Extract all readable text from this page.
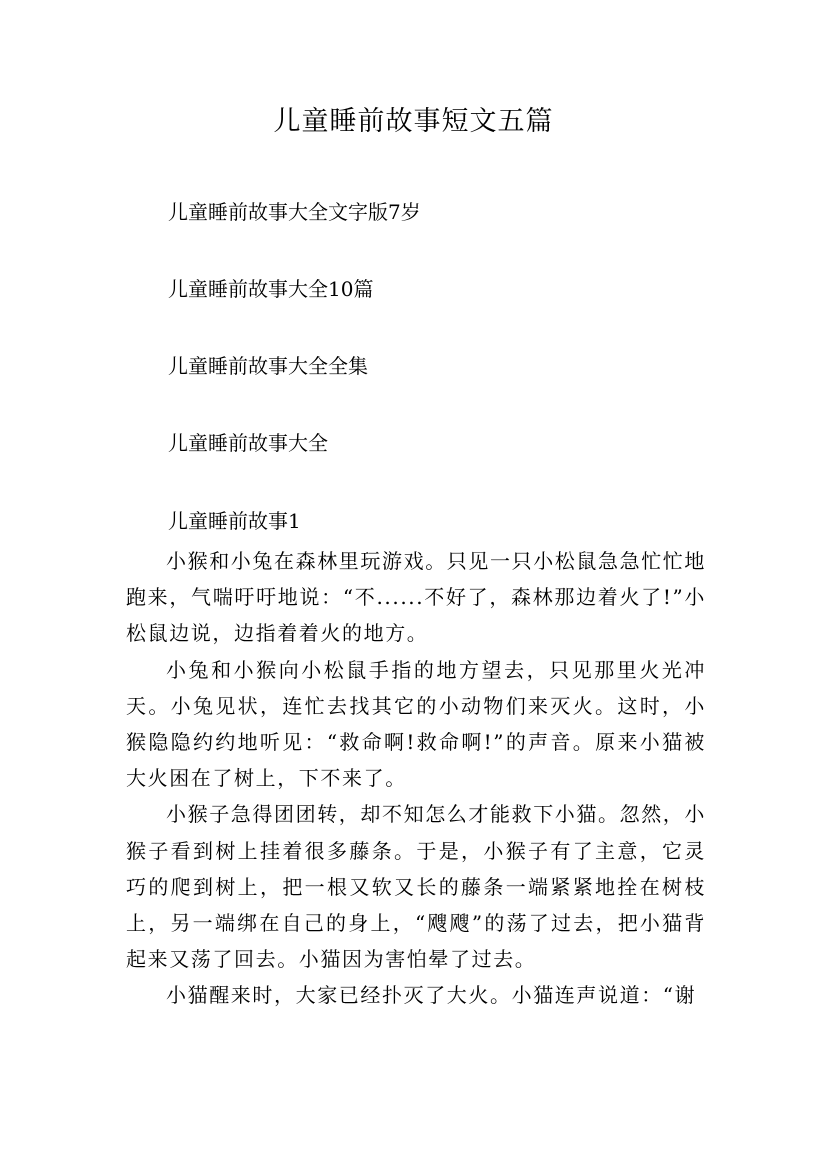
儿童睡前故事短文五篇
儿童睡前故事大全文字版7岁
儿童睡前故事大全10篇
儿童睡前故事大全全集
儿童睡前故事大全
儿童睡前故事1

小猴和小兔在森林里玩游戏。只见一只小松鼠急急忙忙地跑来，气喘吁吁地说：“不......不好了，森林那边着火了!”小松鼠边说，边指着着火的地方。

小兔和小猴向小松鼠手指的地方望去，只见那里火光冲天。小兔见状，连忙去找其它的小动物们来灭火。这时，小猴隐隐约约地听见：“救命啊!救命啊!”的声音。原来小猫被大火困在了树上，下不来了。

小猴子急得团团转，却不知怎么才能救下小猫。忽然，小猴子看到树上挂着很多藤条。于是，小猴子有了主意，它灵巧的爬到树上，把一根又软又长的藤条一端紧紧地拴在树枝上，另一端绑在自己的身上，“飕飕”的荡了过去，把小猫背起来又荡了回去。小猫因为害怕晕了过去。

小猫醒来时，大家已经扑灭了大火。小猫连声说道：“谢
